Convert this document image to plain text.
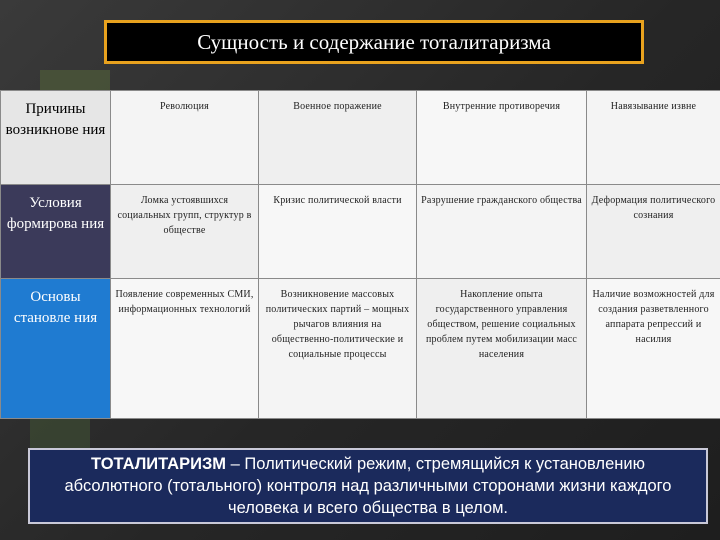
Сущность и содержание тоталитаризма
Причины возникнове ния	Революция	Военное поражение	Внутренние противоречия	Навязывание извне
Условия формирова ния	Ломка устоявшихся социальных групп, структур в обществе	Кризис политической власти	Разрушение гражданского общества	Деформация политического сознания
Основы становле ния	Появление современных СМИ, информационных технологий	Возникновение массовых политических партий – мощных рычагов влияния на общественно-политические и социальные процессы	Накопление опыта государственного управления обществом, решение социальных проблем путем мобилизации масс населения	Наличие возможностей для создания разветвленного аппарата репрессий и насилия
ТОТАЛИТАРИЗМ – Политический режим, стремящийся к установлению абсолютного (тотального) контроля над различными сторонами жизни каждого человека и всего общества в целом.
